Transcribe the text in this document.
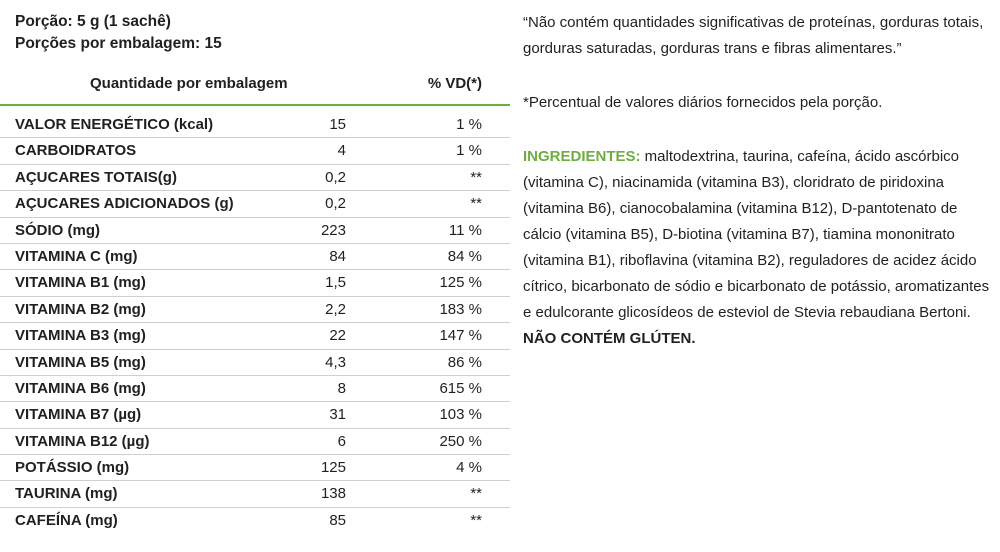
Porção: 5 g (1 sachê)
Porções por embalagem: 15
Quantidade por embalagem	% VD(*)
VALOR ENERGÉTICO (kcal)	15	1 %
CARBOIDRATOS	4	1 %
AÇUCARES TOTAIS(g)	0,2	**
AÇUCARES ADICIONADOS (g)	0,2	**
SÓDIO (mg)	223	11 %
VITAMINA C (mg)	84	84 %
VITAMINA B1 (mg)	1,5	125 %
VITAMINA B2 (mg)	2,2	183 %
VITAMINA B3 (mg)	22	147 %
VITAMINA B5 (mg)	4,3	86 %
VITAMINA B6 (mg)	8	615 %
VITAMINA B7 (µg)	31	103 %
VITAMINA B12 (µg)	6	250 %
POTÁSSIO (mg)	125	4 %
TAURINA (mg)	138	**
CAFEÍNA (mg)	85	**

“Não contém quantidades significativas de proteínas, gorduras totais, gorduras saturadas, gorduras trans e fibras alimentares.”

*Percentual de valores diários fornecidos pela porção.

INGREDIENTES: maltodextrina, taurina, cafeína, ácido ascórbico (vitamina C), niacinamida (vitamina B3), cloridrato de piridoxina (vitamina B6), cianocobalamina (vitamina B12), D-pantotenato de cálcio (vitamina B5), D-biotina (vitamina B7), tiamina mononitrato (vitamina B1), riboflavina (vitamina B2), reguladores de acidez ácido cítrico, bicarbonato de sódio e bicarbonato de potássio, aromatizantes e edulcorante glicosídeos de esteviol de Stevia rebaudiana Bertoni. NÃO CONTÉM GLÚTEN.
